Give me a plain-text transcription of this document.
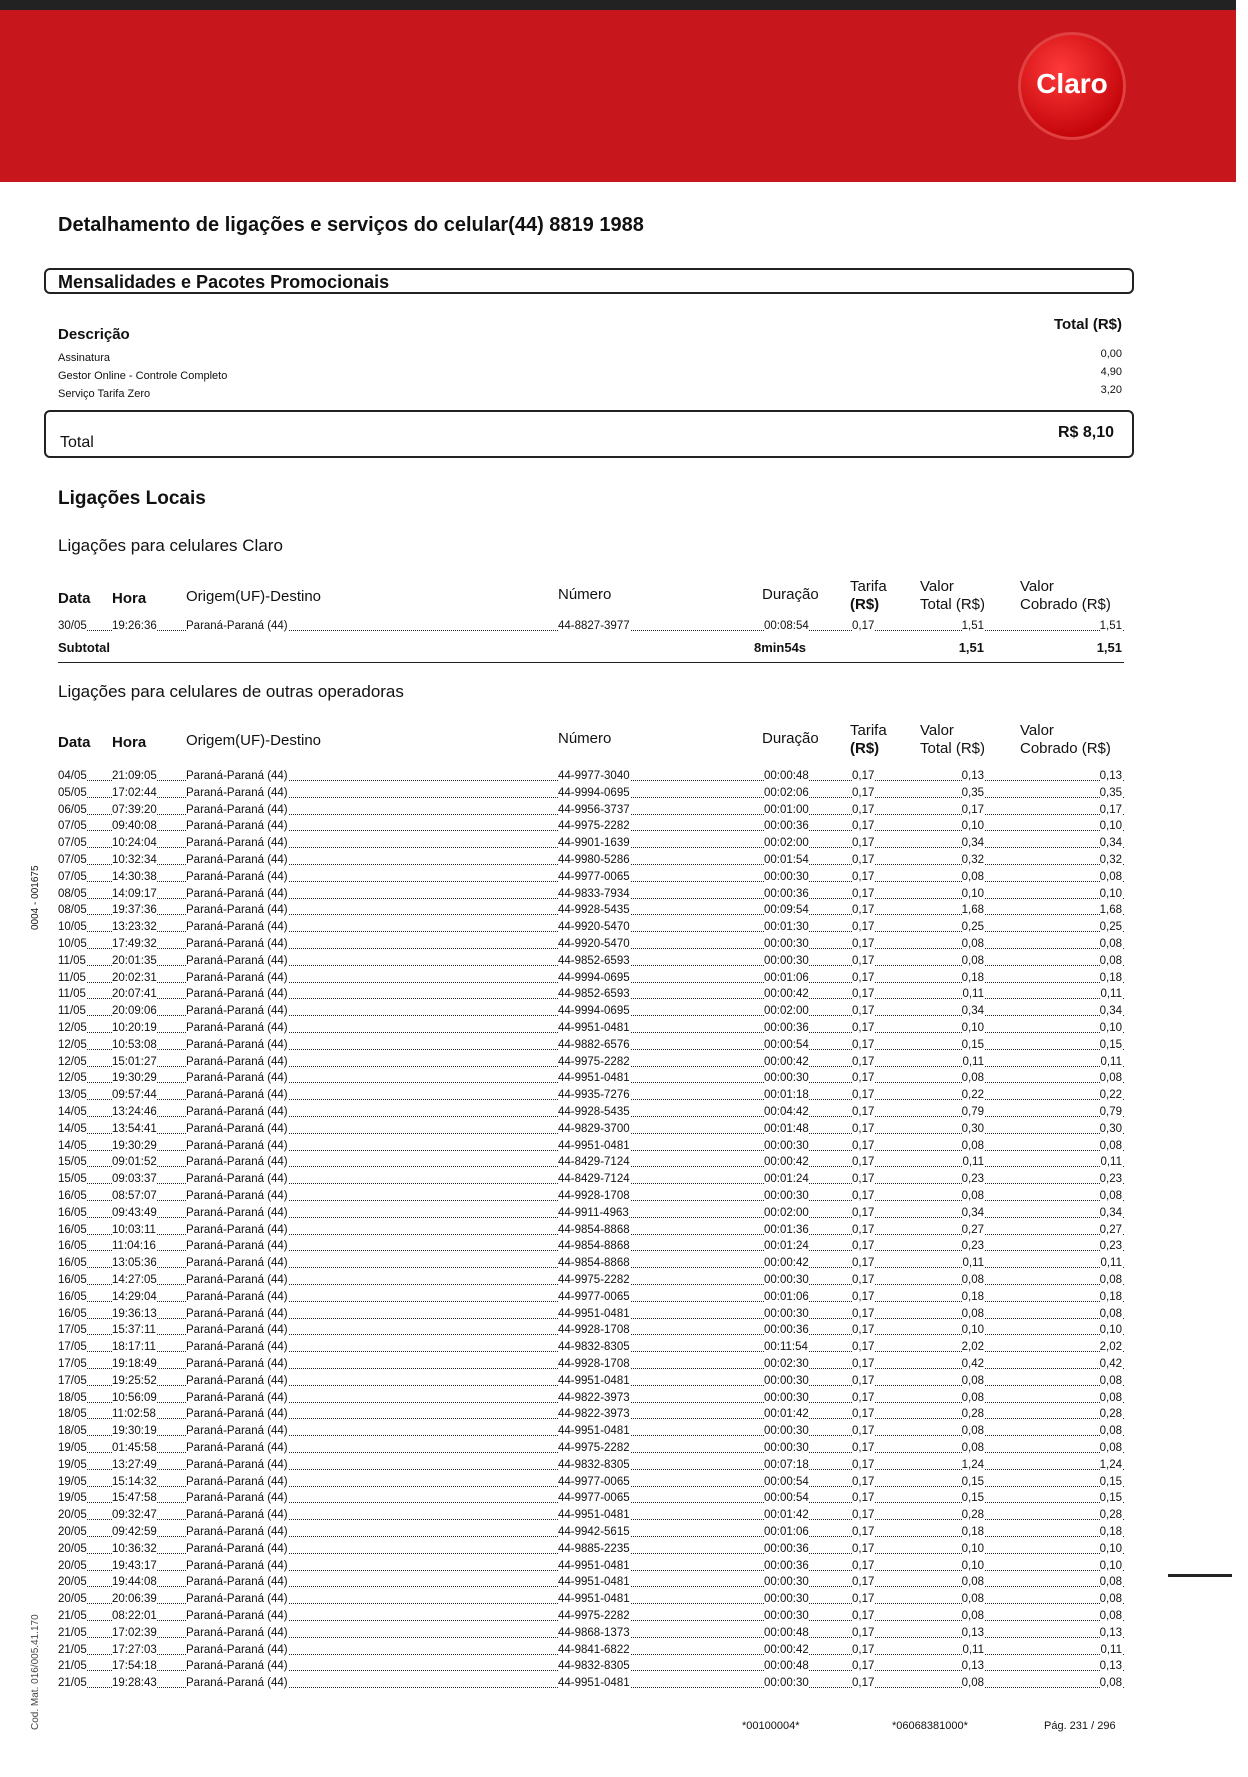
Claro
Detalhamento de ligações e serviços do celular(44) 8819 1988
Mensalidades e Pacotes Promocionais
Descrição
Total (R$)
Assinatura	0,00
Gestor Online - Controle Completo	4,90
Serviço Tarifa Zero	3,20
Total
R$ 8,10
Ligações Locais
Ligações para celulares Claro
Data Hora	Origem(UF)-Destino	Número	Duração Tarifa
(R$)
Valor
Total (R$)
Valor
Cobrado (R$)
30/05 19:26:36	Paraná-Paraná (44)	44-8827-3977	00:08:54	0,17	1,51	1,51
Subtotal	8min54s	1,51	1,51
Ligações para celulares de outras operadoras
Data Hora	Origem(UF)-Destino	Número	Duração Tarifa
(R$)
Valor
Total (R$)
Valor
Cobrado (R$)
04/05 21:09:05	Paraná-Paraná (44)	44-9977-3040	00:00:48	0,17	0,13	0,13
05/05 17:02:44	Paraná-Paraná (44)	44-9994-0695	00:02:06	0,17	0,35	0,35
06/05 07:39:20	Paraná-Paraná (44)	44-9956-3737	00:01:00	0,17	0,17	0,17
07/05 09:40:08	Paraná-Paraná (44)	44-9975-2282	00:00:36	0,17	0,10	0,10
07/05 10:24:04	Paraná-Paraná (44)	44-9901-1639	00:02:00	0,17	0,34	0,34
07/05 10:32:34	Paraná-Paraná (44)	44-9980-5286	00:01:54	0,17	0,32	0,32
07/05 14:30:38	Paraná-Paraná (44)	44-9977-0065	00:00:30	0,17	0,08	0,08
08/05 14:09:17	Paraná-Paraná (44)	44-9833-7934	00:00:36	0,17	0,10	0,10
08/05 19:37:36	Paraná-Paraná (44)	44-9928-5435	00:09:54	0,17	1,68	1,68
10/05 13:23:32	Paraná-Paraná (44)	44-9920-5470	00:01:30	0,17	0,25	0,25
10/05 17:49:32	Paraná-Paraná (44)	44-9920-5470	00:00:30	0,17	0,08	0,08
11/05 20:01:35	Paraná-Paraná (44)	44-9852-6593	00:00:30	0,17	0,08	0,08
11/05 20:02:31	Paraná-Paraná (44)	44-9994-0695	00:01:06	0,17	0,18	0,18
11/05 20:07:41	Paraná-Paraná (44)	44-9852-6593	00:00:42	0,17	0,11	0,11
11/05 20:09:06	Paraná-Paraná (44)	44-9994-0695	00:02:00	0,17	0,34	0,34
12/05 10:20:19	Paraná-Paraná (44)	44-9951-0481	00:00:36	0,17	0,10	0,10
12/05 10:53:08	Paraná-Paraná (44)	44-9882-6576	00:00:54	0,17	0,15	0,15
12/05 15:01:27	Paraná-Paraná (44)	44-9975-2282	00:00:42	0,17	0,11	0,11
12/05 19:30:29	Paraná-Paraná (44)	44-9951-0481	00:00:30	0,17	0,08	0,08
13/05 09:57:44	Paraná-Paraná (44)	44-9935-7276	00:01:18	0,17	0,22	0,22
14/05 13:24:46	Paraná-Paraná (44)	44-9928-5435	00:04:42	0,17	0,79	0,79
14/05 13:54:41	Paraná-Paraná (44)	44-9829-3700	00:01:48	0,17	0,30	0,30
14/05 19:30:29	Paraná-Paraná (44)	44-9951-0481	00:00:30	0,17	0,08	0,08
15/05 09:01:52	Paraná-Paraná (44)	44-8429-7124	00:00:42	0,17	0,11	0,11
15/05 09:03:37	Paraná-Paraná (44)	44-8429-7124	00:01:24	0,17	0,23	0,23
16/05 08:57:07	Paraná-Paraná (44)	44-9928-1708	00:00:30	0,17	0,08	0,08
16/05 09:43:49	Paraná-Paraná (44)	44-9911-4963	00:02:00	0,17	0,34	0,34
16/05 10:03:11	Paraná-Paraná (44)	44-9854-8868	00:01:36	0,17	0,27	0,27
16/05 11:04:16	Paraná-Paraná (44)	44-9854-8868	00:01:24	0,17	0,23	0,23
16/05 13:05:36	Paraná-Paraná (44)	44-9854-8868	00:00:42	0,17	0,11	0,11
16/05 14:27:05	Paraná-Paraná (44)	44-9975-2282	00:00:30	0,17	0,08	0,08
16/05 14:29:04	Paraná-Paraná (44)	44-9977-0065	00:01:06	0,17	0,18	0,18
16/05 19:36:13	Paraná-Paraná (44)	44-9951-0481	00:00:30	0,17	0,08	0,08
17/05 15:37:11	Paraná-Paraná (44)	44-9928-1708	00:00:36	0,17	0,10	0,10
17/05 18:17:11	Paraná-Paraná (44)	44-9832-8305	00:11:54	0,17	2,02	2,02
17/05 19:18:49	Paraná-Paraná (44)	44-9928-1708	00:02:30	0,17	0,42	0,42
17/05 19:25:52	Paraná-Paraná (44)	44-9951-0481	00:00:30	0,17	0,08	0,08
18/05 10:56:09	Paraná-Paraná (44)	44-9822-3973	00:00:30	0,17	0,08	0,08
18/05 11:02:58	Paraná-Paraná (44)	44-9822-3973	00:01:42	0,17	0,28	0,28
18/05 19:30:19	Paraná-Paraná (44)	44-9951-0481	00:00:30	0,17	0,08	0,08
19/05 01:45:58	Paraná-Paraná (44)	44-9975-2282	00:00:30	0,17	0,08	0,08
19/05 13:27:49	Paraná-Paraná (44)	44-9832-8305	00:07:18	0,17	1,24	1,24
19/05 15:14:32	Paraná-Paraná (44)	44-9977-0065	00:00:54	0,17	0,15	0,15
19/05 15:47:58	Paraná-Paraná (44)	44-9977-0065	00:00:54	0,17	0,15	0,15
20/05 09:32:47	Paraná-Paraná (44)	44-9951-0481	00:01:42	0,17	0,28	0,28
20/05 09:42:59	Paraná-Paraná (44)	44-9942-5615	00:01:06	0,17	0,18	0,18
20/05 10:36:32	Paraná-Paraná (44)	44-9885-2235	00:00:36	0,17	0,10	0,10
20/05 19:43:17	Paraná-Paraná (44)	44-9951-0481	00:00:36	0,17	0,10	0,10
20/05 19:44:08	Paraná-Paraná (44)	44-9951-0481	00:00:30	0,17	0,08	0,08
20/05 20:06:39	Paraná-Paraná (44)	44-9951-0481	00:00:30	0,17	0,08	0,08
21/05 08:22:01	Paraná-Paraná (44)	44-9975-2282	00:00:30	0,17	0,08	0,08
21/05 17:02:39	Paraná-Paraná (44)	44-9868-1373	00:00:48	0,17	0,13	0,13
21/05 17:27:03	Paraná-Paraná (44)	44-9841-6822	00:00:42	0,17	0,11	0,11
21/05 17:54:18	Paraná-Paraná (44)	44-9832-8305	00:00:48	0,17	0,13	0,13
21/05 19:28:43	Paraná-Paraná (44)	44-9951-0481	00:00:30	0,17	0,08	0,08
0004 - 001675
Cod. Mat. 016/005.41.170	*00100004*	*06068381000*	Pág. 231 / 296
